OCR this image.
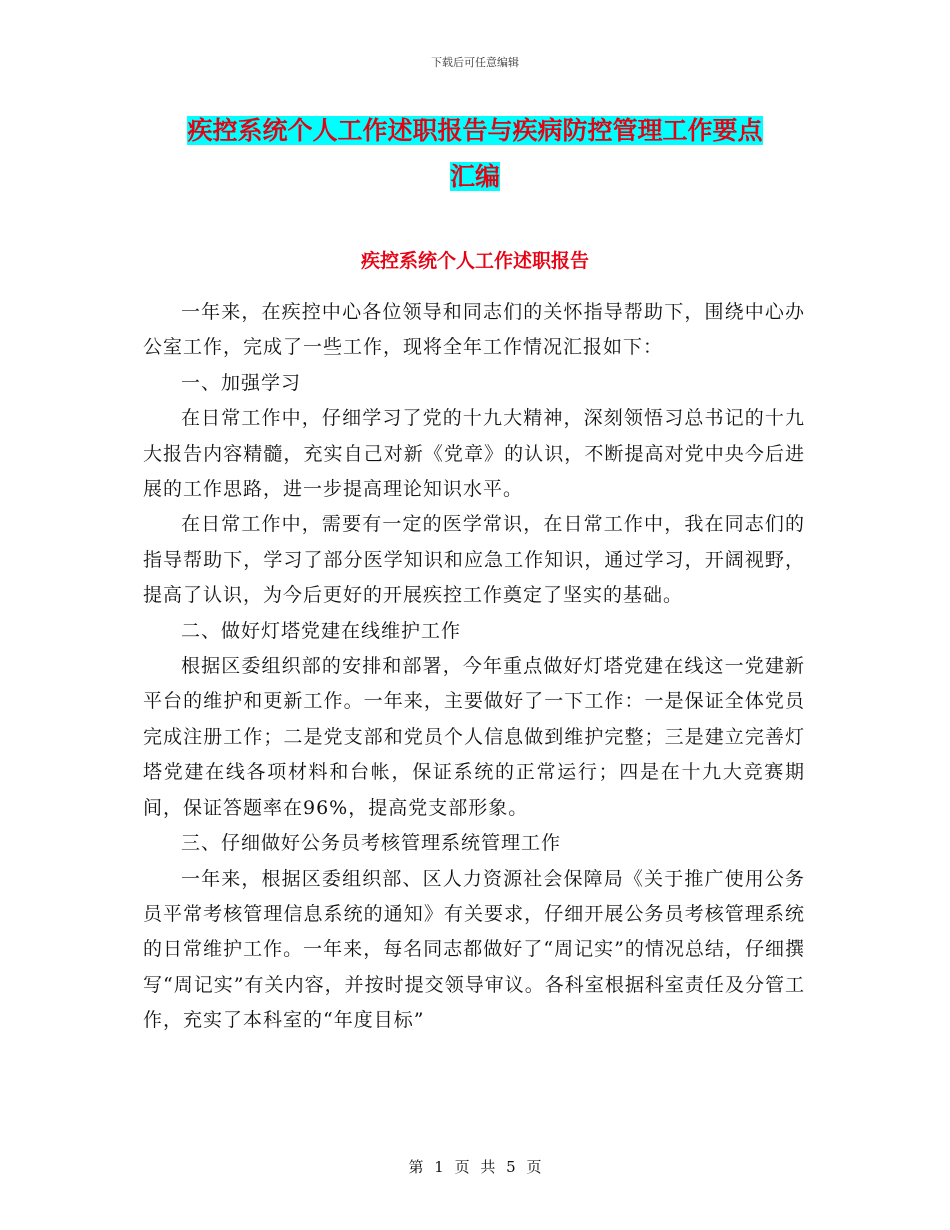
下载后可任意编辑
疾控系统个人工作述职报告与疾病防控管理工作要点
汇编
疾控系统个人工作述职报告

一年来，在疾控中心各位领导和同志们的关怀指导帮助下，围绕中心办公室工作，完成了一些工作，现将全年工作情况汇报如下：

一、加强学习

在日常工作中，仔细学习了党的十九大精神，深刻领悟习总书记的十九大报告内容精髓，充实自己对新《党章》的认识，不断提高对党中央今后进展的工作思路，进一步提高理论知识水平。

在日常工作中，需要有一定的医学常识，在日常工作中，我在同志们的指导帮助下，学习了部分医学知识和应急工作知识，通过学习，开阔视野，提高了认识，为今后更好的开展疾控工作奠定了坚实的基础。

二、做好灯塔党建在线维护工作

根据区委组织部的安排和部署，今年重点做好灯塔党建在线这一党建新平台的维护和更新工作。一年来，主要做好了一下工作：一是保证全体党员完成注册工作；二是党支部和党员个人信息做到维护完整；三是建立完善灯塔党建在线各项材料和台帐，保证系统的正常运行；四是在十九大竞赛期间，保证答题率在96%，提高党支部形象。

三、仔细做好公务员考核管理系统管理工作

一年来，根据区委组织部、区人力资源社会保障局《关于推广使用公务员平常考核管理信息系统的通知》有关要求，仔细开展公务员考核管理系统的日常维护工作。一年来，每名同志都做好了“周记实”的情况总结，仔细撰写“周记实”有关内容，并按时提交领导审议。各科室根据科室责任及分管工作，充实了本科室的“年度目标”

第 1 页 共 5 页
